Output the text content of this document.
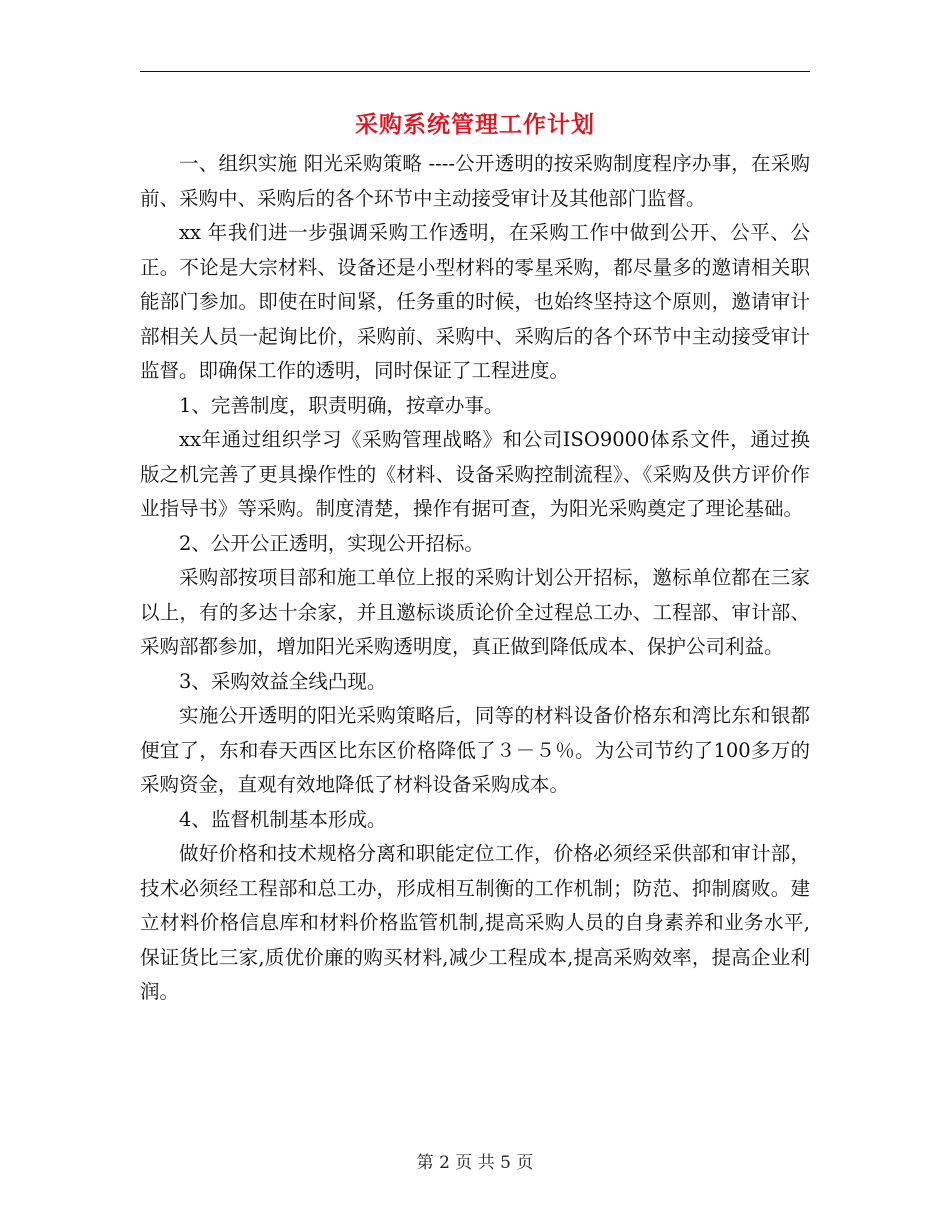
采购系统管理工作计划

一、组织实施 阳光采购策略 ----公开透明的按采购制度程序办事，在采购前、采购中、采购后的各个环节中主动接受审计及其他部门监督。

xx 年我们进一步强调采购工作透明，在采购工作中做到公开、公平、公正。不论是大宗材料、设备还是小型材料的零星采购，都尽量多的邀请相关职能部门参加。即使在时间紧，任务重的时候，也始终坚持这个原则，邀请审计部相关人员一起询比价，采购前、采购中、采购后的各个环节中主动接受审计监督。即确保工作的透明，同时保证了工程进度。

1、完善制度，职责明确，按章办事。

xx年通过组织学习《采购管理战略》和公司ISO9000体系文件，通过换版之机完善了更具操作性的《材料、设备采购控制流程》、《采购及供方评价作业指导书》等采购。制度清楚，操作有据可查，为阳光采购奠定了理论基础。

2、公开公正透明，实现公开招标。

采购部按项目部和施工单位上报的采购计划公开招标，邀标单位都在三家以上，有的多达十余家，并且邀标谈质论价全过程总工办、工程部、审计部、采购部都参加，增加阳光采购透明度，真正做到降低成本、保护公司利益。

3、采购效益全线凸现。

实施公开透明的阳光采购策略后，同等的材料设备价格东和湾比东和银都便宜了，东和春天西区比东区价格降低了３－５％。为公司节约了100多万的采购资金，直观有效地降低了材料设备采购成本。

4、监督机制基本形成。

做好价格和技术规格分离和职能定位工作，价格必须经采供部和审计部，技术必须经工程部和总工办，形成相互制衡的工作机制；防范、抑制腐败。建立材料价格信息库和材料价格监管机制,提高采购人员的自身素养和业务水平,保证货比三家,质优价廉的购买材料,减少工程成本,提高采购效率，提高企业利润。

第 2 页 共 5 页
